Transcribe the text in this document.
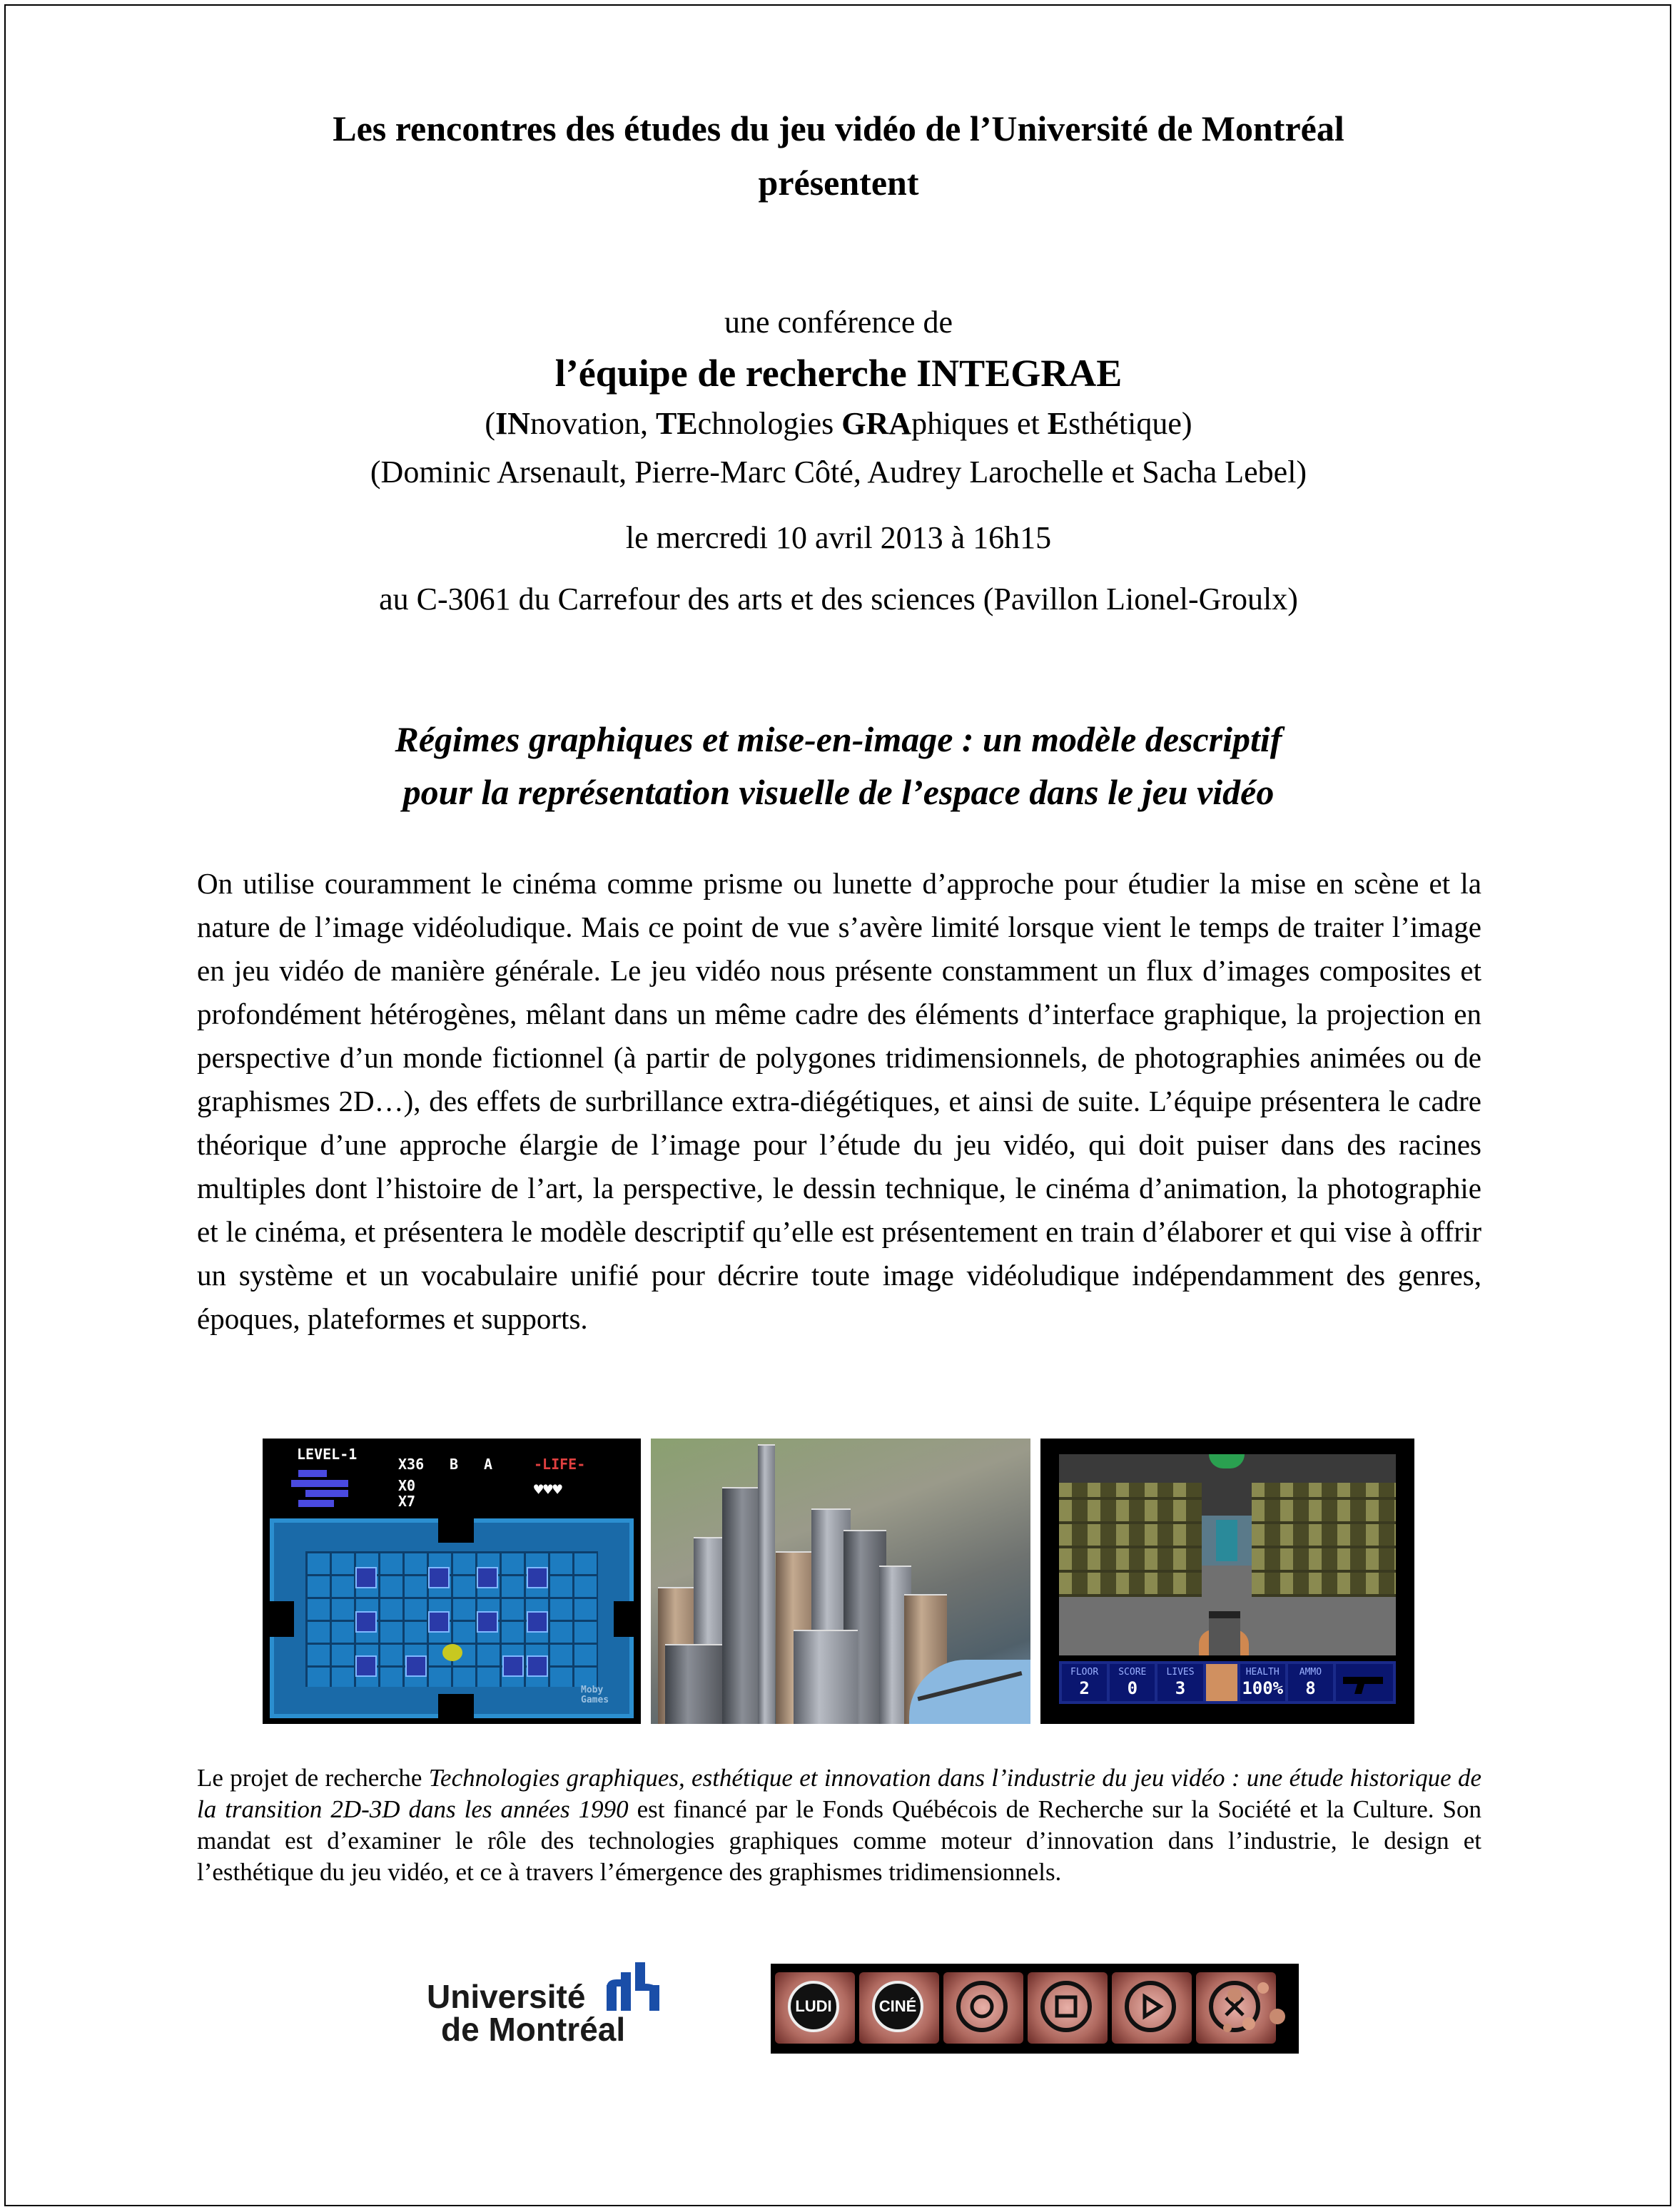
Les rencontres des études du jeu vidéo de l’Université de Montréal
présentent
une conférence de
l’équipe de recherche INTEGRAE
(INnovation, TEchnologies GRAphiques et Esthétique)
(Dominic Arsenault, Pierre-Marc Côté, Audrey Larochelle et Sacha Lebel)
le mercredi 10 avril 2013 à 16h15
au C-3061 du Carrefour des arts et des sciences (Pavillon Lionel-Groulx)
Régimes graphiques et mise-en-image : un modèle descriptif
pour la représentation visuelle de l’espace dans le jeu vidéo
On utilise couramment le cinéma comme prisme ou lunette d’approche pour étudier la mise en scène et la nature de l’image vidéoludique. Mais ce point de vue s’avère limité lorsque vient le temps de traiter l’image en jeu vidéo de manière générale. Le jeu vidéo nous présente constamment un flux d’images composites et profondément hétérogènes, mêlant dans un même cadre des éléments d’interface graphique, la projection en perspective d’un monde fictionnel (à partir de polygones tridimensionnels, de photographies animées ou de graphismes 2D…), des effets de surbrillance extra-diégétiques, et ainsi de suite. L’équipe présentera le cadre théorique d’une approche élargie de l’image pour l’étude du jeu vidéo, qui doit puiser dans des racines multiples dont l’histoire de l’art, la perspective, le dessin technique, le cinéma d’animation, la photographie et le cinéma, et présentera le modèle descriptif qu’elle est présentement en train d’élaborer et qui vise à offrir un système et un vocabulaire unifié pour décrire toute image vidéoludique indépendamment des genres, époques, plateformes et supports.
LEVEL-1
X36
X0
X7
B A	-LIFE-
♥♥♥
Moby Games
FLOOR
2
SCORE
0
LIVES
3
HEALTH
100%
AMMO
8
Le projet de recherche Technologies graphiques, esthétique et innovation dans l’industrie du jeu vidéo : une étude historique de la transition 2D-3D dans les années 1990 est financé par le Fonds Québécois de Recherche sur la Société et la Culture. Son mandat est d’examiner le rôle des technologies graphiques comme moteur d’innovation dans l’industrie, le design et l’esthétique du jeu vidéo, et ce à travers l’émergence des graphismes tridimensionnels.
Université
de Montréal
LUDI	CINÉ
